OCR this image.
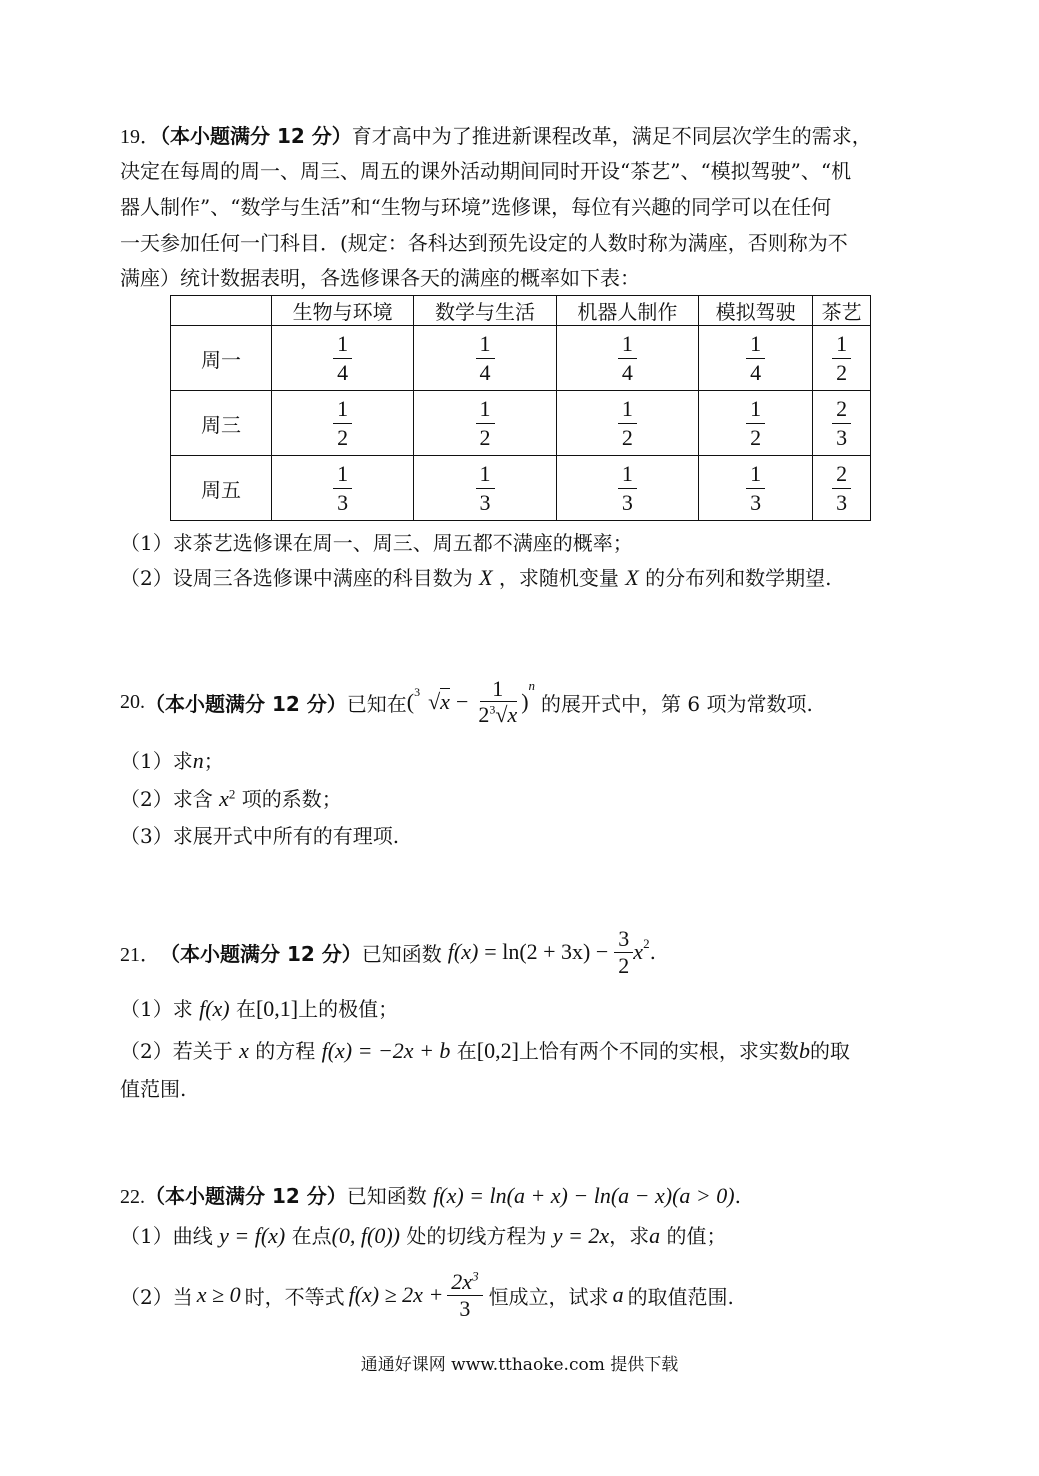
19．（本小题满分 12 分）育才高中为了推进新课程改革，满足不同层次学生的需求，
决定在每周的周一、周三、周五的课外活动期间同时开设“茶艺”、“模拟驾驶”、“机
器人制作”、“数学与生活”和“生物与环境”选修课，每位有兴趣的同学可以在任何
一天参加任何一门科目．(规定：各科达到预先设定的人数时称为满座，否则称为不
满座）统计数据表明，各选修课各天的满座的概率如下表：
	生物与环境	数学与生活	机器人制作	模拟驾驶	茶艺
周一	$\frac{1}{4}$	$\frac{1}{4}$	$\frac{1}{4}$	$\frac{1}{4}$	$\frac{1}{2}$

周三	$\frac{1}{2}$	$\frac{1}{2}$	$\frac{1}{2}$	$\frac{1}{2}$	$\frac{2}{3}$

周五	$\frac{1}{3}$	$\frac{1}{3}$	$\frac{1}{3}$	$\frac{1}{3}$	$\frac{2}{3}$
（1）求茶艺选修课在周一、周三、周五都不满座的概率；
（2）设周三各选修课中满座的科目数为 X ，求随机变量 X 的分布列和数学期望.
20. （本小题满分 12 分） 已知在 ( 3 $√x - \frac{1}{2^3√x}$ )
$^n$
的展开式中，第 6 项为常数项.
（1）求n；
（2）求含 $x^2$ 项的系数；
（3）求展开式中所有的有理项.
21． （本小题满分 12 分） 已知函数 $f(x) = \ln(2 + 3x) - \frac{3}{2} x^2$ .
（1）求 f(x) 在[0,1]上的极值；
（2）若关于 x 的方程 f(x) = −2x + b 在[0,2]上恰有两个不同的实根，求实数b的取
值范围.
22.（本小题满分 12 分）已知函数 f(x) = ln(a + x) − ln(a − x)(a > 0).
（1）曲线 y = f(x) 在点(0, f(0)) 处的切线方程为 y = 2x，求a 的值；
（2）当 x ≥ 0 时，不等式 $f(x) \ge 2x + \frac{2x^3}{3}$ 恒成立，试求 a 的取值范围.
通通好课网 www.tthaoke.com 提供下载
